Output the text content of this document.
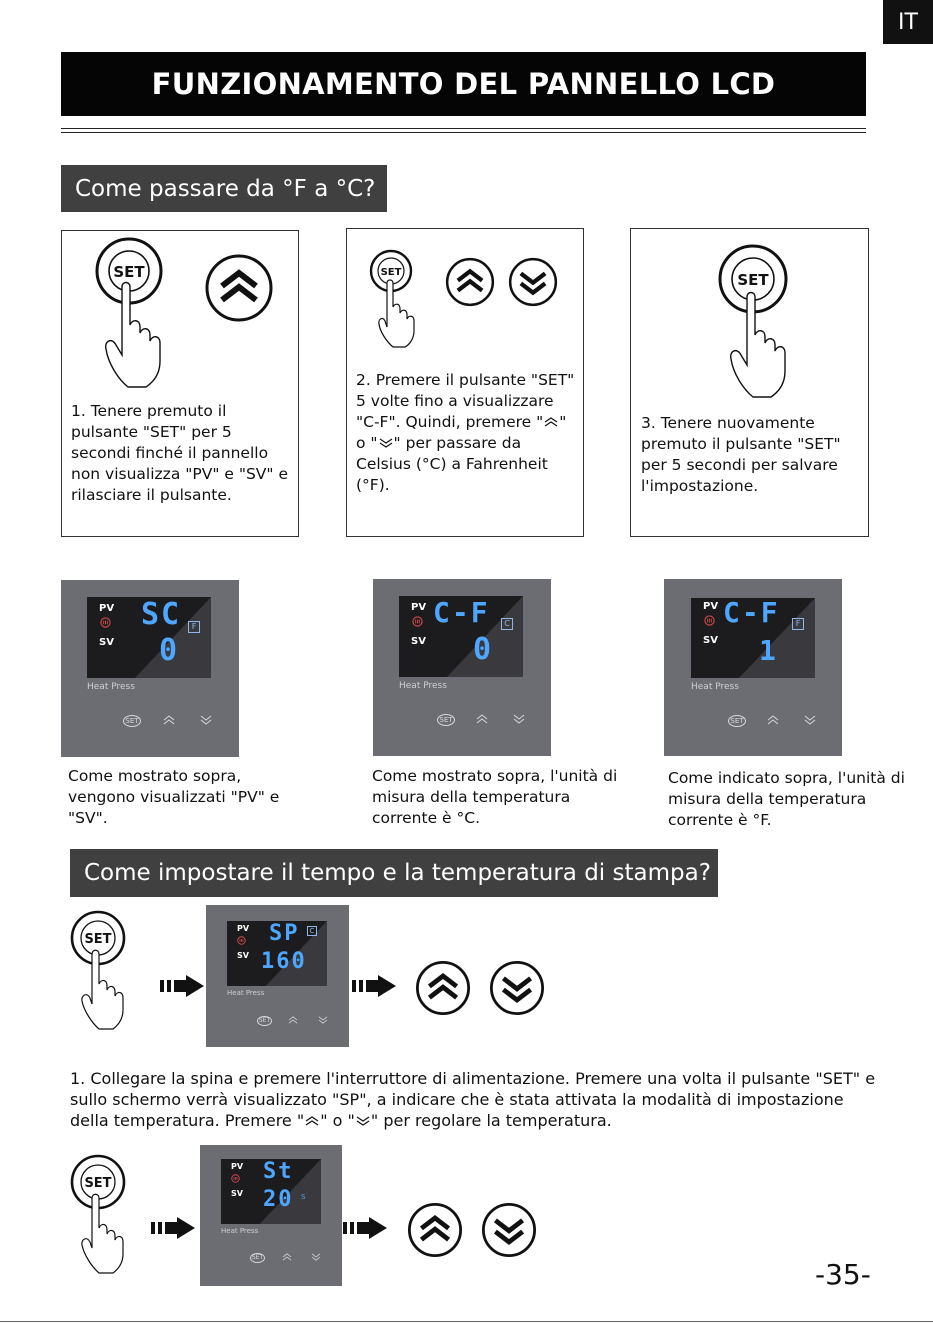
IT
FUNZIONAMENTO DEL PANNELLO LCD
Come passare da °F a °C?
SET
1. Tenere premuto il pulsante "SET" per 5 secondi finché il pannello non visualizza "PV" e "SV" e rilasciare il pulsante.
SET
2. Premere il pulsante "SET" 5 volte fino a visualizzare "C-F". Quindi, premere " " o " " per passare da Celsius (°C) a Fahrenheit (°F).
SET
3. Tenere nuovamente premuto il pulsante "SET" per 5 secondi per salvare l'impostazione.
PV
SV
SC
0
F
Heat Press
SET
PV
SV
C-F
0
C
Heat Press
SET
PV
SV
C-F
1
F
Heat Press
SET
Come mostrato sopra, vengono visualizzati "PV" e "SV".
Come mostrato sopra, l'unità di misura della temperatura corrente è °C.
Come indicato sopra, l'unità di misura della temperatura corrente è °F.
Come impostare il tempo e la temperatura di stampa?
SET
PV
SV
SP
160
C
Heat Press
SET
1. Collegare la spina e premere l'interruttore di alimentazione. Premere una volta il pulsante "SET" e sullo schermo verrà visualizzato "SP", a indicare che è stata attivata la modalità di impostazione della temperatura. Premere " " o " " per regolare la temperatura.
SET
PV
SV
St
20 S
Heat Press
SET
-35-
